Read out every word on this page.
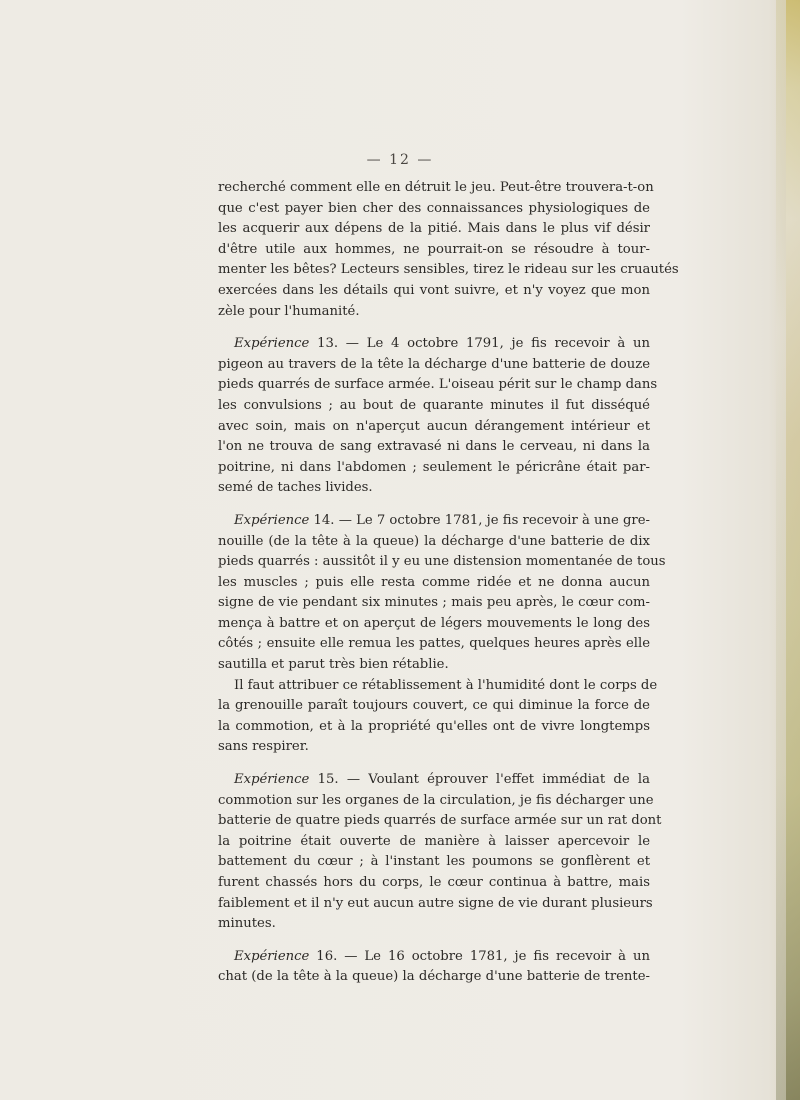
— 12 —
recherché comment elle en détruit le jeu. Peut-être trouvera-t-on
que c'est payer bien cher des connaissances physiologiques de
les acquerir aux dépens de la pitié. Mais dans le plus vif désir
d'être utile aux hommes, ne pourrait-on se résoudre à tour-
menter les bêtes? Lecteurs sensibles, tirez le rideau sur les cruautés
exercées dans les détails qui vont suivre, et n'y voyez que mon
zèle pour l'humanité.
Expérience 13. — Le 4 octobre 1791, je fis recevoir à un
pigeon au travers de la tête la décharge d'une batterie de douze
pieds quarrés de surface armée. L'oiseau périt sur le champ dans
les convulsions ; au bout de quarante minutes il fut disséqué
avec soin, mais on n'aperçut aucun dérangement intérieur et
l'on ne trouva de sang extravasé ni dans le cerveau, ni dans la
poitrine, ni dans l'abdomen ; seulement le péricrâne était par-
semé de taches livides.
Expérience 14. — Le 7 octobre 1781, je fis recevoir à une gre-
nouille (de la tête à la queue) la décharge d'une batterie de dix
pieds quarrés : aussitôt il y eu une distension momentanée de tous
les muscles ; puis elle resta comme ridée et ne donna aucun
signe de vie pendant six minutes ; mais peu après, le cœur com-
mença à battre et on aperçut de légers mouvements le long des
côtés ; ensuite elle remua les pattes, quelques heures après elle
sautilla et parut très bien rétablie.
Il faut attribuer ce rétablissement à l'humidité dont le corps de
la grenouille paraît toujours couvert, ce qui diminue la force de
la commotion, et à la propriété qu'elles ont de vivre longtemps
sans respirer.
Expérience 15. — Voulant éprouver l'effet immédiat de la
commotion sur les organes de la circulation, je fis décharger une
batterie de quatre pieds quarrés de surface armée sur un rat dont
la poitrine était ouverte de manière à laisser apercevoir le
battement du cœur ; à l'instant les poumons se gonflèrent et
furent chassés hors du corps, le cœur continua à battre, mais
faiblement et il n'y eut aucun autre signe de vie durant plusieurs
minutes.
Expérience 16. — Le 16 octobre 1781, je fis recevoir à un
chat (de la tête à la queue) la décharge d'une batterie de trente-
